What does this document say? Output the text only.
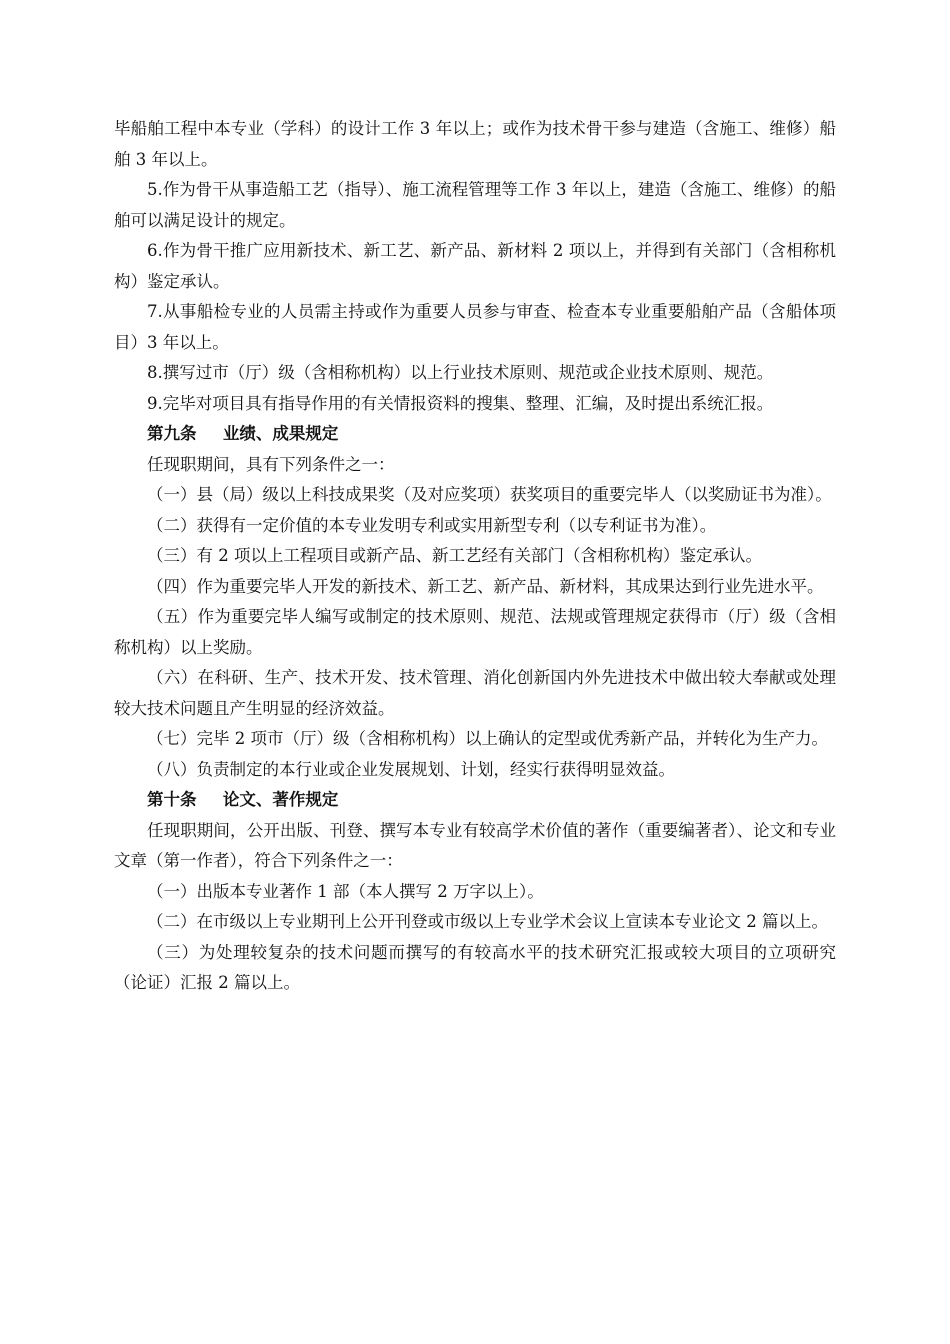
毕船舶工程中本专业（学科）的设计工作 3 年以上；或作为技术骨干参与建造（含施工、维修）船舶 3 年以上。

5.作为骨干从事造船工艺（指导）、施工流程管理等工作 3 年以上，建造（含施工、维修）的船舶可以满足设计的规定。

6.作为骨干推广应用新技术、新工艺、新产品、新材料 2 项以上，并得到有关部门（含相称机构）鉴定承认。

7.从事船检专业的人员需主持或作为重要人员参与审查、检查本专业重要船舶产品（含船体项目）3 年以上。

8.撰写过市（厅）级（含相称机构）以上行业技术原则、规范或企业技术原则、规范。

9.完毕对项目具有指导作用的有关情报资料的搜集、整理、汇编，及时提出系统汇报。

第九条 业绩、成果规定

任现职期间，具有下列条件之一：

（一）县（局）级以上科技成果奖（及对应奖项）获奖项目的重要完毕人（以奖励证书为准）。

（二）获得有一定价值的本专业发明专利或实用新型专利（以专利证书为准）。

（三）有 2 项以上工程项目或新产品、新工艺经有关部门（含相称机构）鉴定承认。

（四）作为重要完毕人开发的新技术、新工艺、新产品、新材料，其成果达到行业先进水平。

（五）作为重要完毕人编写或制定的技术原则、规范、法规或管理规定获得市（厅）级（含相称机构）以上奖励。

（六）在科研、生产、技术开发、技术管理、消化创新国内外先进技术中做出较大奉献或处理较大技术问题且产生明显的经济效益。

（七）完毕 2 项市（厅）级（含相称机构）以上确认的定型或优秀新产品，并转化为生产力。

（八）负责制定的本行业或企业发展规划、计划，经实行获得明显效益。

第十条 论文、著作规定

任现职期间，公开出版、刊登、撰写本专业有较高学术价值的著作（重要编著者）、论文和专业文章（第一作者），符合下列条件之一：

（一）出版本专业著作 1 部（本人撰写 2 万字以上）。

（二）在市级以上专业期刊上公开刊登或市级以上专业学术会议上宣读本专业论文 2 篇以上。

（三）为处理较复杂的技术问题而撰写的有较高水平的技术研究汇报或较大项目的立项研究（论证）汇报 2 篇以上。
